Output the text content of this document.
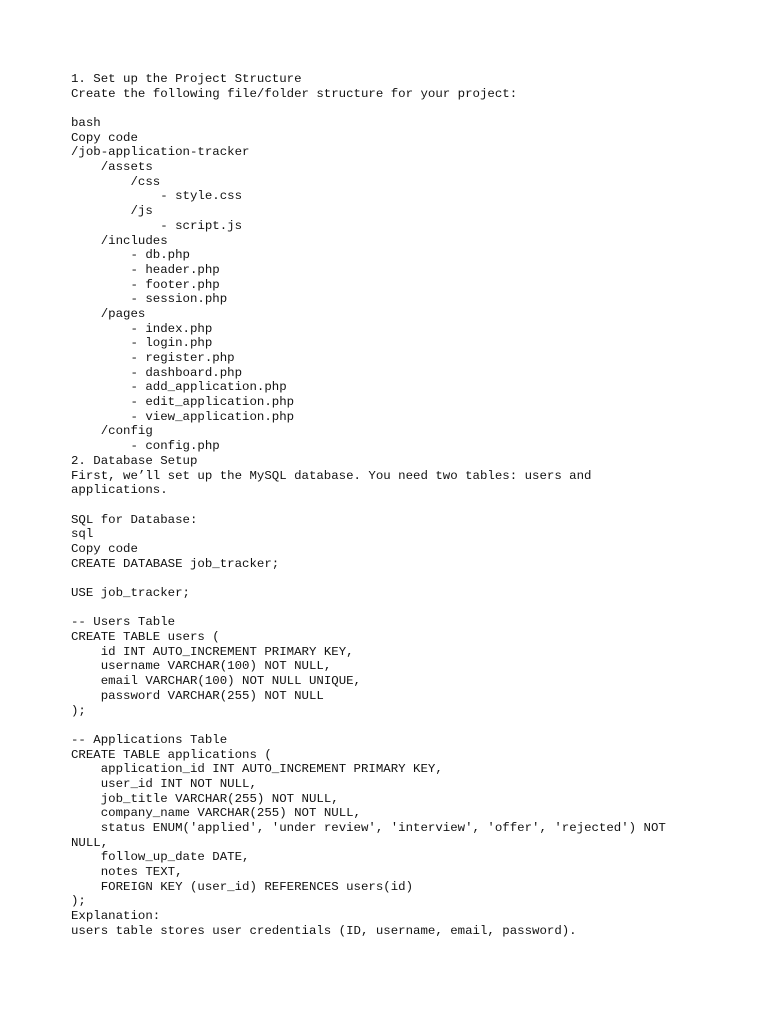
1. Set up the Project Structure
Create the following file/folder structure for your project:
bash
Copy code
/job-application-tracker
/assets
/css
- style.css
/js
- script.js
/includes
- db.php
- header.php
- footer.php
- session.php
/pages
- index.php
- login.php
- register.php
- dashboard.php
- add_application.php
- edit_application.php
- view_application.php
/config
- config.php
2. Database Setup
First, we’ll set up the MySQL database. You need two tables: users and
applications.
SQL for Database:
sql
Copy code
CREATE DATABASE job_tracker;
USE job_tracker;
-- Users Table
CREATE TABLE users (
id INT AUTO_INCREMENT PRIMARY KEY,
username VARCHAR(100) NOT NULL,
email VARCHAR(100) NOT NULL UNIQUE,
password VARCHAR(255) NOT NULL
);
-- Applications Table
CREATE TABLE applications (
application_id INT AUTO_INCREMENT PRIMARY KEY,
user_id INT NOT NULL,
job_title VARCHAR(255) NOT NULL,
company_name VARCHAR(255) NOT NULL,
status ENUM('applied', 'under review', 'interview', 'offer', 'rejected') NOT
NULL,
follow_up_date DATE,
notes TEXT,
FOREIGN KEY (user_id) REFERENCES users(id)
);
Explanation:
users table stores user credentials (ID, username, email, password).
